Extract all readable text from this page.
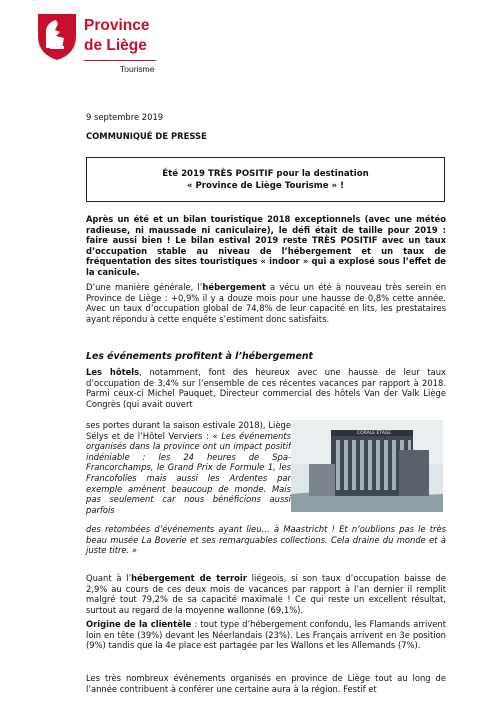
Province
de Liège
Tourisme
9 septembre 2019
COMMUNIQUÉ DE PRESSE
Été 2019 TRÈS POSITIF pour la destination
« Province de Liège Tourisme » !

Après un été et un bilan touristique 2018 exceptionnels (avec une météo radieuse, ni maussade ni caniculaire), le défi était de taille pour 2019 : faire aussi bien ! Le bilan estival 2019 reste TRÈS POSITIF avec un taux d’occupation stable au niveau de l’hébergement et un taux de fréquentation des sites touristiques « indoor » qui a explosé sous l’effet de la canicule.

D’une manière générale, l’hébergement a vécu un été à nouveau très serein en Province de Liège : +0,9% il y a douze mois pour une hausse de 0,8% cette année. Avec un taux d’occupation global de 74,8% de leur capacité en lits, les prestataires ayant répondu à cette enquête s’estiment donc satisfaits.

Les événements profitent à l’hébergement

Les hôtels, notamment, font des heureux avec une hausse de leur taux d’occupation de 3,4% sur l’ensemble de ces récentes vacances par rapport à 2018. Parmi ceux-ci Michel Pauquet, Directeur commercial des hôtels Van der Valk Liège Congrès (qui avait ouvert

ses portes durant la saison estivale 2018), Liège Sélys et de l’Hôtel Verviers : « Les événements organisés dans la province ont un impact positif indéniable : les 24 heures de Spa-Francorchamps, le Grand Prix de Formule 1, les Francofolies mais aussi les Ardentes par exemple amènent beaucoup de monde. Mais pas seulement car nous bénéficions aussi parfois

CORALE ÉTAGE

des retombées d’événements ayant lieu… à Maastricht ! Et n’oublions pas le très beau musée La Boverie et ses remarquables collections. Cela draine du monde et à juste titre. »

Quant à l’hébergement de terroir liégeois, si son taux d’occupation baisse de 2,9% au cours de ces deux mois de vacances par rapport à l’an dernier il remplit malgré tout 79,2% de sa capacité maximale ! Ce qui reste un excellent résultat, surtout au regard de la moyenne wallonne (69,1%).

Origine de la clientèle : tout type d’hébergement confondu, les Flamands arrivent loin en tête (39%) devant les Néerlandais (23%). Les Français arrivent en 3e position (9%) tandis que la 4e place est partagée par les Wallons et les Allemands (7%).

Les très nombreux événements organisés en province de Liège tout au long de l’année contribuent à conférer une certaine aura à la région. Festif et
